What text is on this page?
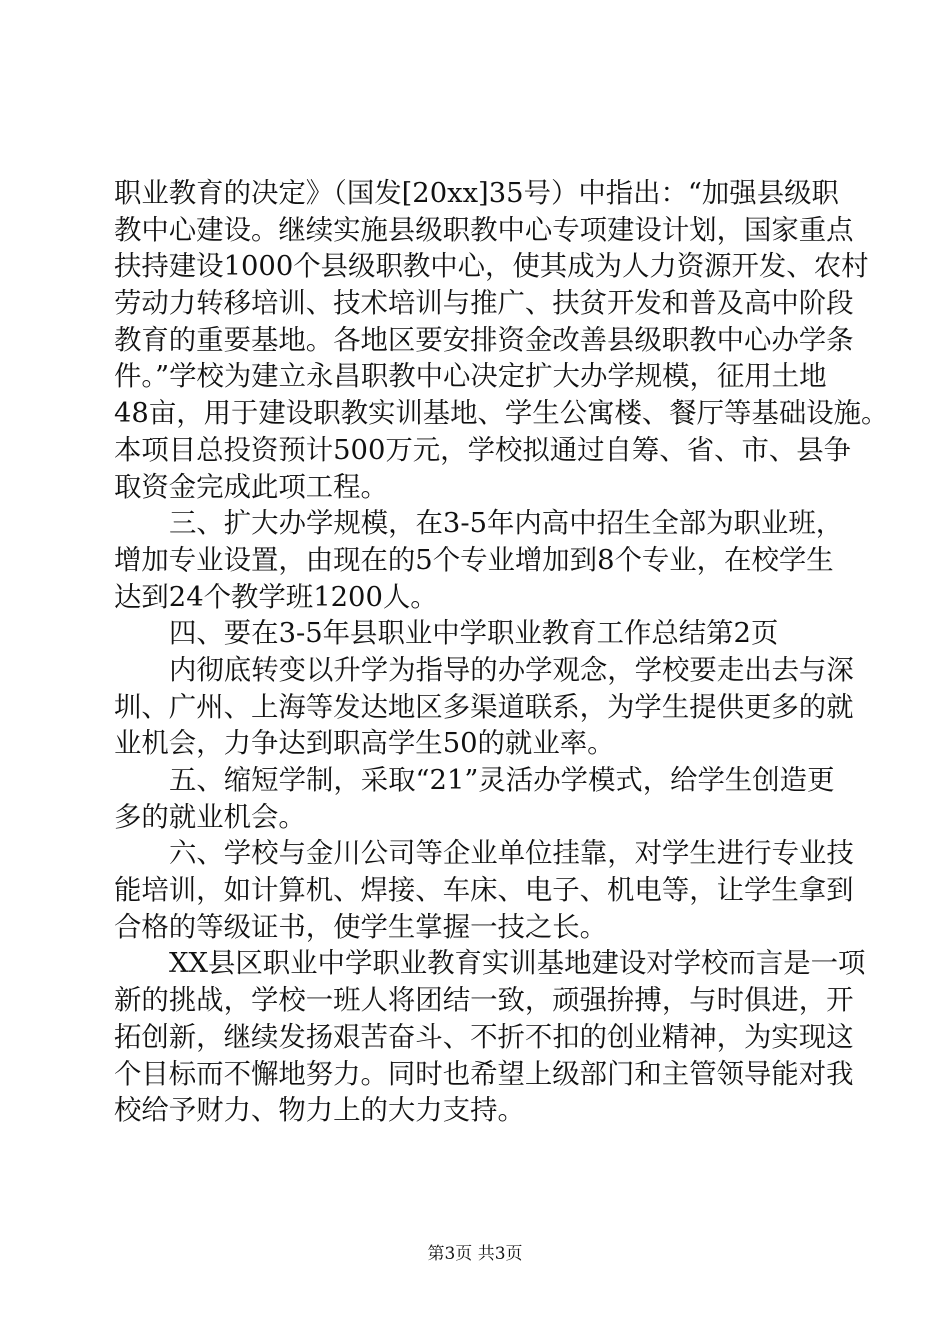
职业教育的决定》（国发[20xx]35号）中指出：“加强县级职
教中心建设。继续实施县级职教中心专项建设计划，国家重点
扶持建设1000个县级职教中心，使其成为人力资源开发、农村
劳动力转移培训、技术培训与推广、扶贫开发和普及高中阶段
教育的重要基地。各地区要安排资金改善县级职教中心办学条
件。”学校为建立永昌职教中心决定扩大办学规模，征用土地
48亩，用于建设职教实训基地、学生公寓楼、餐厅等基础设施。
本项目总投资预计500万元，学校拟通过自筹、省、市、县争
取资金完成此项工程。
三、扩大办学规模，在3-5年内高中招生全部为职业班，
增加专业设置，由现在的5个专业增加到8个专业，在校学生
达到24个教学班1200人。
四、要在3-5年县职业中学职业教育工作总结第2页
内彻底转变以升学为指导的办学观念，学校要走出去与深
圳、广州、上海等发达地区多渠道联系，为学生提供更多的就
业机会，力争达到职高学生50的就业率。
五、缩短学制，采取“21”灵活办学模式，给学生创造更
多的就业机会。
六、学校与金川公司等企业单位挂靠，对学生进行专业技
能培训，如计算机、焊接、车床、电子、机电等，让学生拿到
合格的等级证书，使学生掌握一技之长。
XX县区职业中学职业教育实训基地建设对学校而言是一项
新的挑战，学校一班人将团结一致，顽强拚搏，与时俱进，开
拓创新，继续发扬艰苦奋斗、不折不扣的创业精神，为实现这
个目标而不懈地努力。同时也希望上级部门和主管领导能对我
校给予财力、物力上的大力支持。
第3页 共3页
